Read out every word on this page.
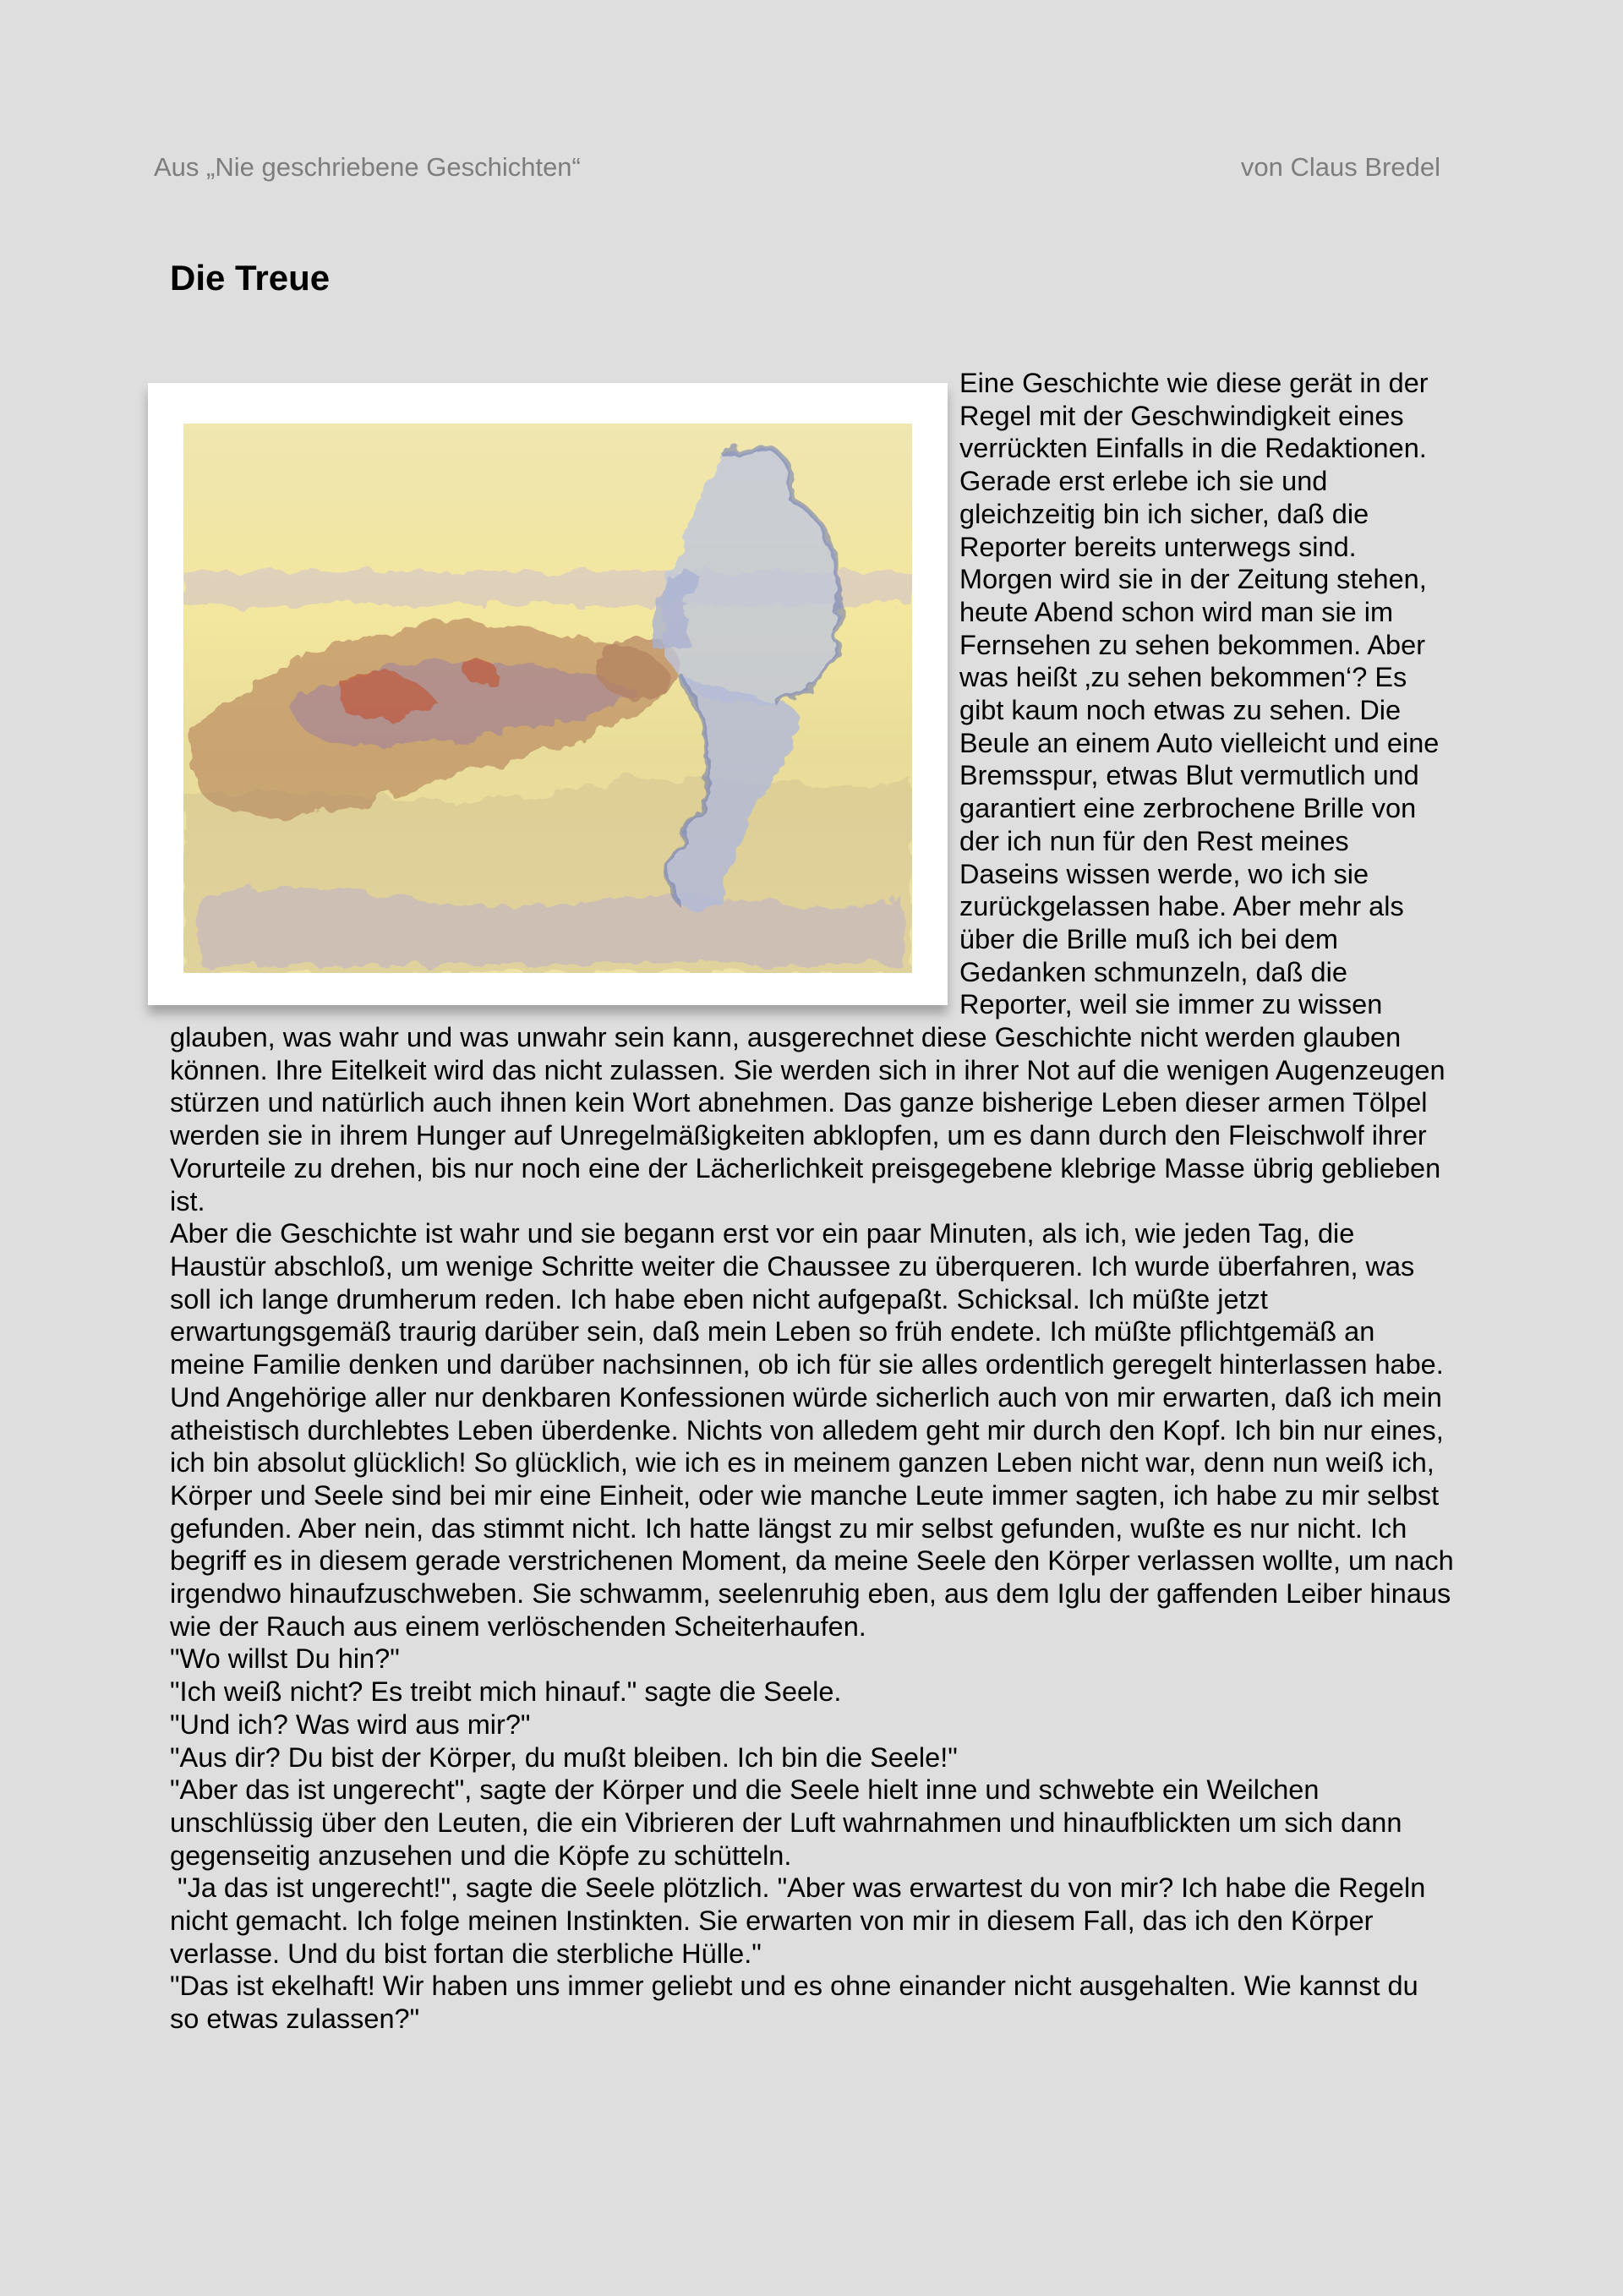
Aus „Nie geschriebene Geschichten“	von Claus Bredel
Die Treue

Eine Geschichte wie diese gerät in der Regel mit der Geschwindigkeit eines verrückten Einfalls in die Redaktionen. Gerade erst erlebe ich sie und gleichzeitig bin ich sicher, daß die Reporter bereits unterwegs sind. Morgen wird sie in der Zeitung stehen, heute Abend schon wird man sie im Fernsehen zu sehen bekommen. Aber was heißt ‚zu sehen bekommen‘? Es gibt kaum noch etwas zu sehen. Die Beule an einem Auto vielleicht und eine Bremsspur, etwas Blut vermutlich und garantiert eine zerbrochene Brille von der ich nun für den Rest meines Daseins wissen werde, wo ich sie zurückgelassen habe. Aber mehr als über die Brille muß ich bei dem Gedanken schmunzeln, daß die Reporter, weil sie immer zu wissen glauben, was wahr und was unwahr sein kann, ausgerechnet diese Geschichte nicht werden glauben können. Ihre Eitelkeit wird das nicht zulassen. Sie werden sich in ihrer Not auf die wenigen Augenzeugen stürzen und natürlich auch ihnen kein Wort abnehmen. Das ganze bisherige Leben dieser armen Tölpel werden sie in ihrem Hunger auf Unregelmäßigkeiten abklopfen, um es dann durch den Fleischwolf ihrer Vorurteile zu drehen, bis nur noch eine der Lächerlichkeit preisgegebene klebrige Masse übrig geblieben ist.

Aber die Geschichte ist wahr und sie begann erst vor ein paar Minuten, als ich, wie jeden Tag, die Haustür abschloß, um wenige Schritte weiter die Chaussee zu überqueren. Ich wurde überfahren, was soll ich lange drumherum reden. Ich habe eben nicht aufgepaßt. Schicksal. Ich müßte jetzt erwartungsgemäß traurig darüber sein, daß mein Leben so früh endete. Ich müßte pflichtgemäß an meine Familie denken und darüber nachsinnen, ob ich für sie alles ordentlich geregelt hinterlassen habe. Und Angehörige aller nur denkbaren Konfessionen würde sicherlich auch von mir erwarten, daß ich mein atheistisch durchlebtes Leben überdenke. Nichts von alledem geht mir durch den Kopf. Ich bin nur eines, ich bin absolut glücklich! So glücklich, wie ich es in meinem ganzen Leben nicht war, denn nun weiß ich, Körper und Seele sind bei mir eine Einheit, oder wie manche Leute immer sagten, ich habe zu mir selbst gefunden. Aber nein, das stimmt nicht. Ich hatte längst zu mir selbst gefunden, wußte es nur nicht. Ich begriff es in diesem gerade verstrichenen Moment, da meine Seele den Körper verlassen wollte, um nach irgendwo hinaufzuschweben. Sie schwamm, seelenruhig eben, aus dem Iglu der gaffenden Leiber hinaus wie der Rauch aus einem verlöschenden Scheiterhaufen.

"Wo willst Du hin?"

"Ich weiß nicht? Es treibt mich hinauf." sagte die Seele.

"Und ich? Was wird aus mir?"

"Aus dir? Du bist der Körper, du mußt bleiben. Ich bin die Seele!"

"Aber das ist ungerecht", sagte der Körper und die Seele hielt inne und schwebte ein Weilchen unschlüssig über den Leuten, die ein Vibrieren der Luft wahrnahmen und hinaufblickten um sich dann gegenseitig anzusehen und die Köpfe zu schütteln.

"Ja das ist ungerecht!", sagte die Seele plötzlich. "Aber was erwartest du von mir? Ich habe die Regeln nicht gemacht. Ich folge meinen Instinkten. Sie erwarten von mir in diesem Fall, das ich den Körper verlasse. Und du bist fortan die sterbliche Hülle."

"Das ist ekelhaft! Wir haben uns immer geliebt und es ohne einander nicht ausgehalten. Wie kannst du so etwas zulassen?"
